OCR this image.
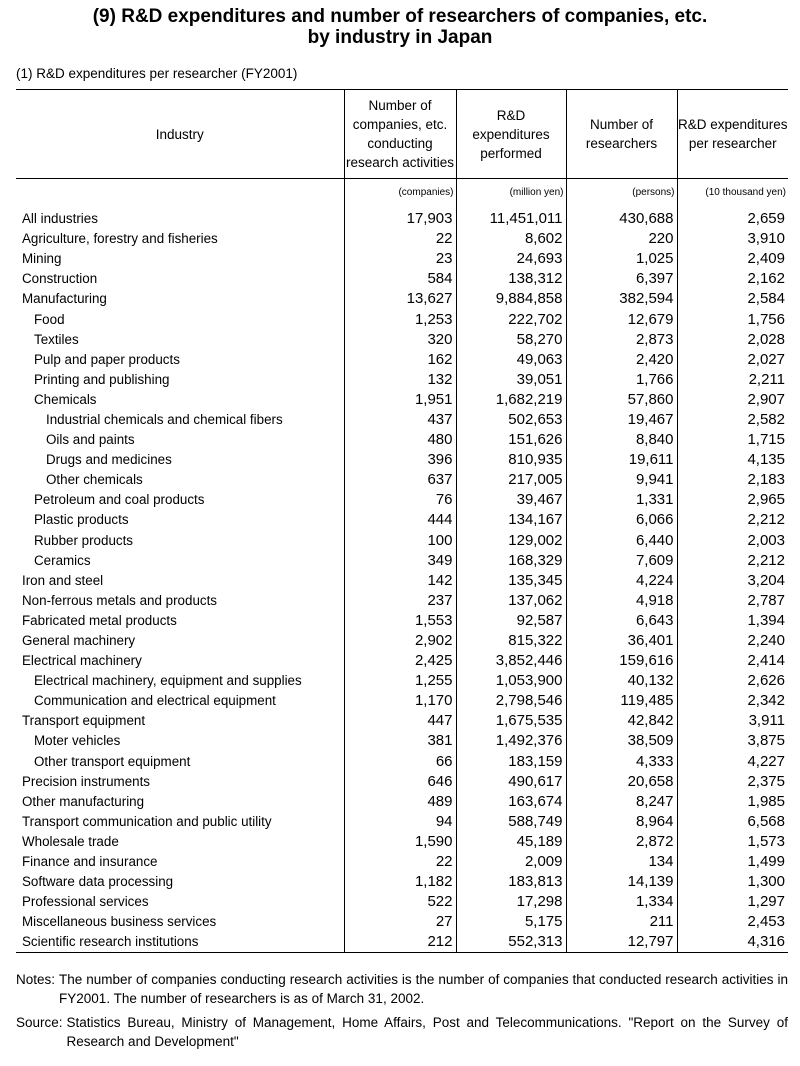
(9) R&D expenditures and number of researchers of companies, etc.
by industry in Japan
(1) R&D expenditures per researcher (FY2001)
Industry	Number of companies, etc. conducting research activities	R&D expenditures performed	Number of researchers	R&D expenditures per researcher
	(companies)	(million yen)	(persons)	(10 thousand yen)
All industries	17,903	11,451,011	430,688	2,659
Agriculture, forestry and fisheries	22	8,602	220	3,910
Mining	23	24,693	1,025	2,409
Construction	584	138,312	6,397	2,162
Manufacturing	13,627	9,884,858	382,594	2,584
Food	1,253	222,702	12,679	1,756
Textiles	320	58,270	2,873	2,028
Pulp and paper products	162	49,063	2,420	2,027
Printing and publishing	132	39,051	1,766	2,211
Chemicals	1,951	1,682,219	57,860	2,907
Industrial chemicals and chemical fibers	437	502,653	19,467	2,582
Oils and paints	480	151,626	8,840	1,715
Drugs and medicines	396	810,935	19,611	4,135
Other chemicals	637	217,005	9,941	2,183
Petroleum and coal products	76	39,467	1,331	2,965
Plastic products	444	134,167	6,066	2,212
Rubber products	100	129,002	6,440	2,003
Ceramics	349	168,329	7,609	2,212
Iron and steel	142	135,345	4,224	3,204
Non-ferrous metals and products	237	137,062	4,918	2,787
Fabricated metal products	1,553	92,587	6,643	1,394
General machinery	2,902	815,322	36,401	2,240
Electrical machinery	2,425	3,852,446	159,616	2,414
Electrical machinery, equipment and supplies	1,255	1,053,900	40,132	2,626
Communication and electrical equipment	1,170	2,798,546	119,485	2,342
Transport equipment	447	1,675,535	42,842	3,911
Moter vehicles	381	1,492,376	38,509	3,875
Other transport equipment	66	183,159	4,333	4,227
Precision instruments	646	490,617	20,658	2,375
Other manufacturing	489	163,674	8,247	1,985
Transport communication and public utility	94	588,749	8,964	6,568
Wholesale trade	1,590	45,189	2,872	1,573
Finance and insurance	22	2,009	134	1,499
Software data processing	1,182	183,813	14,139	1,300
Professional services	522	17,298	1,334	1,297
Miscellaneous business services	27	5,175	211	2,453
Scientific research institutions	212	552,313	12,797	4,316
Notes: The number of companies conducting research activities is the number of companies that conducted research activities in FY2001. The number of researchers is as of March 31, 2002.
Source: Statistics Bureau, Ministry of Management, Home Affairs, Post and Telecommunications. "Report on the Survey of Research and Development"
